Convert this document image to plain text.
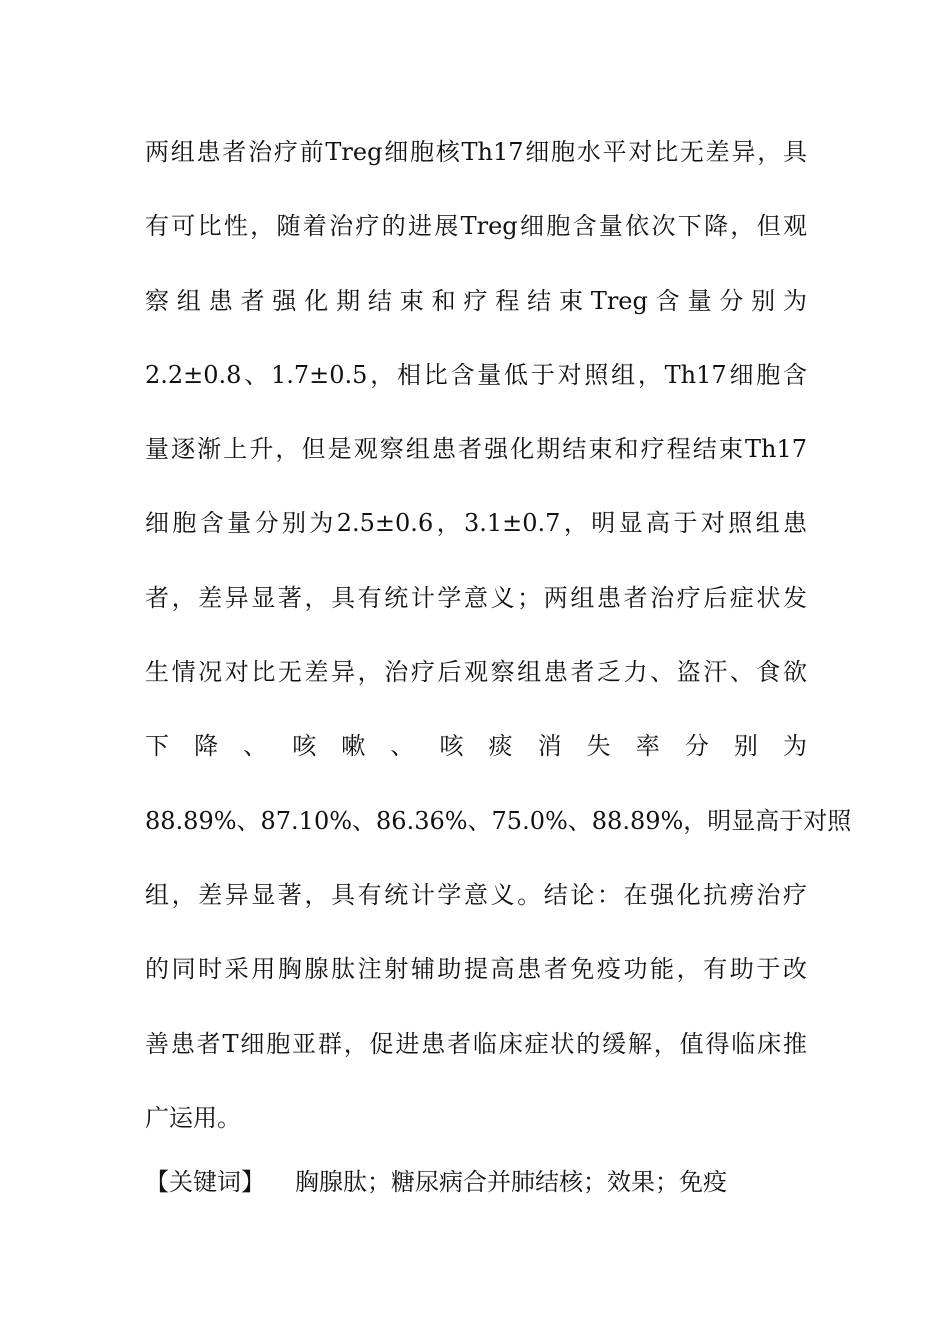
两组患者治疗前Treg细胞核Th17细胞水平对比无差异，具
有可比性，随着治疗的进展Treg细胞含量依次下降，但观
察 组 患 者 强 化 期 结 束 和 疗 程 结 束 Treg 含 量 分 别 为
2.2±0.8、1.7±0.5，相比含量低于对照组，Th17细胞含
量逐渐上升，但是观察组患者强化期结束和疗程结束Th17
细胞含量分别为2.5±0.6，3.1±0.7，明显高于对照组患
者，差异显著，具有统计学意义；两组患者治疗后症状发
生情况对比无差异，治疗后观察组患者乏力、盗汗、食欲
下 降 、 咳 嗽 、 咳 痰 消 失 率 分 别 为
88.89%、87.10%、86.36%、75.0%、88.89%，明显高于对照
组，差异显著，具有统计学意义。结论：在强化抗痨治疗
的同时采用胸腺肽注射辅助提高患者免疫功能，有助于改
善患者T细胞亚群，促进患者临床症状的缓解，值得临床推
广运用。
【关键词】 胸腺肽；糖尿病合并肺结核；效果；免疫
